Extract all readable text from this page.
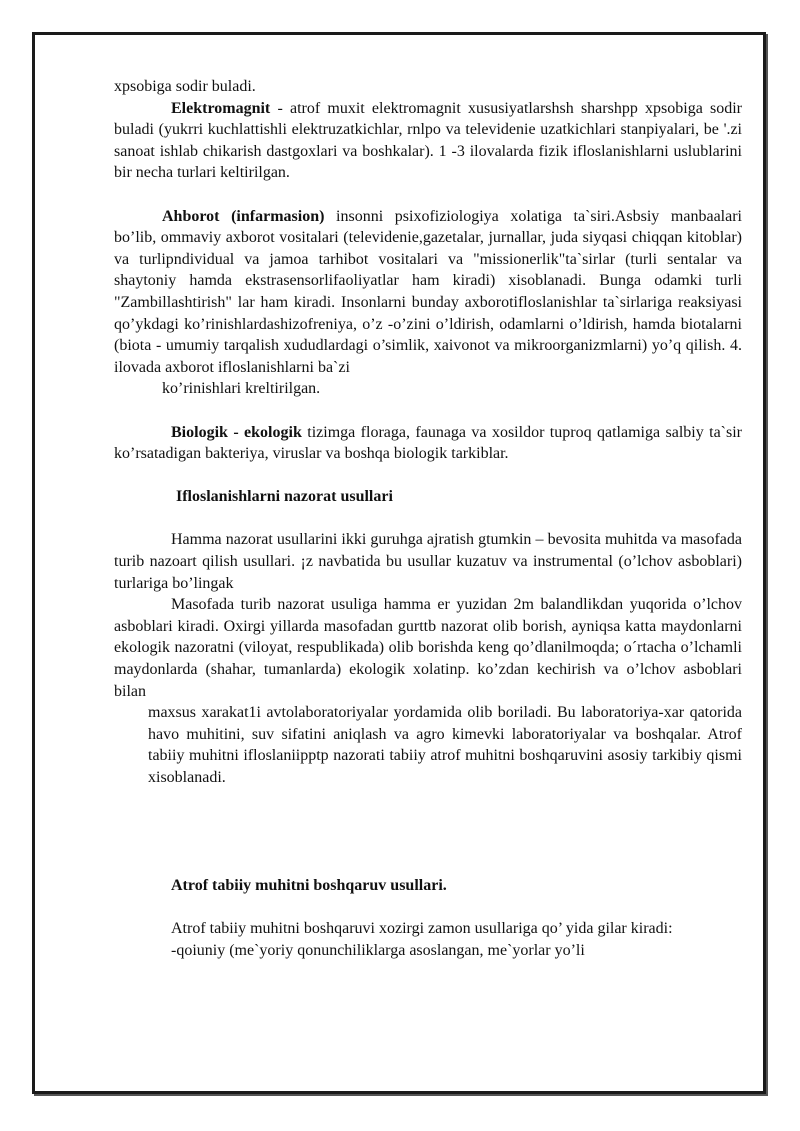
xpsobiga sodir buladi.

Elektromagnit - atrof muxit elektromagnit xususiyatlarshsh sharshpp xpsobiga sodir buladi (yukrri kuchlattishli elektruzatkichlar, rnlpo va televidenie uzatkichlari stanpiyalari, be '.zi sanoat ishlab chikarish dastgoxlari va boshkalar). 1 -3 ilovalarda fizik ifloslanishlarni uslublarini bir necha turlari keltirilgan.

Ahborot (infarmasion) insonni psixofiziologiya xolatiga ta`siri.Asbsiy manbaalari bo’lib, ommaviy axborot vositalari (televidenie,gazetalar, jurnallar, juda siyqasi chiqqan kitoblar) va turlipndividual va jamoa tarhibot vositalari va "missionerlik"ta`sirlar (turli sentalar va shaytoniy hamda ekstrasensorlifaoliyatlar ham kiradi) xisoblanadi. Bunga odamki turli "Zambillashtirish" lar ham kiradi. Insonlarni bunday axborotifloslanishlar ta`sirlariga reaksiyasi qo’ykdagi ko’rinishlardashizofreniya, o’z -o’zini o’ldirish, odamlarni o’ldirish, hamda biotalarni (biota - umumiy tarqalish xududlardagi o’simlik, xaivonot va mikroorganizmlarni) yo’q qilish. 4. ilovada axborot ifloslanishlarni ba`zi

ko’rinishlari kreltirilgan.

Biologik - ekologik tizimga floraga, faunaga va xosildor tuproq qatlamiga salbiy ta`sir ko’rsatadigan bakteriya, viruslar va boshqa biologik tarkiblar.

Ifloslanishlarni nazorat usullari

Hamma nazorat usullarini ikki guruhga ajratish gtumkin – bevosita muhitda va masofada turib nazoart qilish usullari. ¡z navbatida bu usullar kuzatuv va instrumental (o’lchov asboblari) turlariga bo’lingak

Masofada turib nazorat usuliga hamma er yuzidan 2m balandlikdan yuqorida o’lchov asboblari kiradi. Oxirgi yillarda masofadan gurttb nazorat olib borish, ayniqsa katta maydonlarni ekologik nazoratni (viloyat, respublikada) olib borishda keng qo’dlanilmoqda; o´rtacha o’lchamli maydonlarda (shahar, tumanlarda) ekologik xolatinp. ko’zdan kechirish va o’lchov asboblari bilan

maxsus xarakat1i avtolaboratoriyalar yordamida olib boriladi. Bu laboratoriya-xar qatorida havo muhitini, suv sifatini aniqlash va agro kimevki laboratoriyalar va boshqalar. Atrof tabiiy muhitni ifloslaniipptp nazorati tabiiy atrof muhitni boshqaruvini asosiy tarkibiy qismi xisoblanadi.

Atrof tabiiy muhitni boshqaruv usullari.

Atrof tabiiy muhitni boshqaruvi xozirgi zamon usullariga qo’ yida gilar kiradi:

-qoiuniy (me`yoriy qonunchiliklarga asoslangan, me`yorlar yo’li
